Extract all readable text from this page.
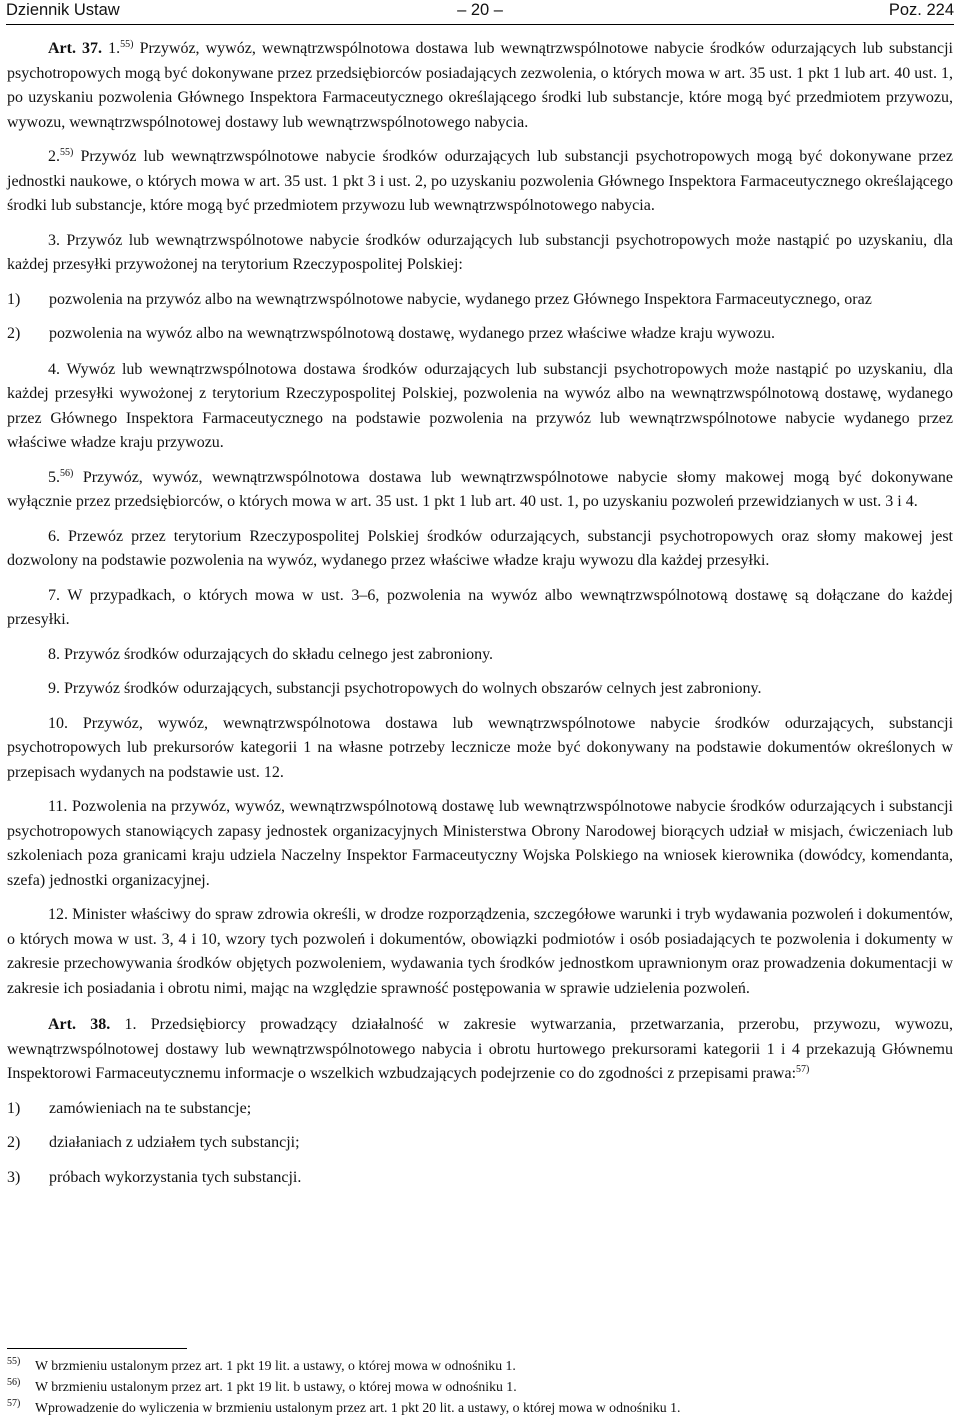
Dziennik Ustaw	– 20 –	Poz. 224

Art. 37. 1.$^{55)}$ Przywóz, wywóz, wewnątrzwspólnotowa dostawa lub wewnątrzwspólnotowe nabycie środków odurzających lub substancji psychotropowych mogą być dokonywane przez przedsiębiorców posiadających zezwolenia, o których mowa w art. 35 ust. 1 pkt 1 lub art. 40 ust. 1, po uzyskaniu pozwolenia Głównego Inspektora Farmaceutycznego określającego środki lub substancje, które mogą być przedmiotem przywozu, wywozu, wewnątrzwspólnotowej dostawy lub wewnątrzwspólnotowego nabycia.

2.$^{55)}$ Przywóz lub wewnątrzwspólnotowe nabycie środków odurzających lub substancji psychotropowych mogą być dokonywane przez jednostki naukowe, o których mowa w art. 35 ust. 1 pkt 3 i ust. 2, po uzyskaniu pozwolenia Głównego Inspektora Farmaceutycznego określającego środki lub substancje, które mogą być przedmiotem przywozu lub wewnątrzwspólnotowego nabycia.

3. Przywóz lub wewnątrzwspólnotowe nabycie środków odurzających lub substancji psychotropowych może nastąpić po uzyskaniu, dla każdej przesyłki przywożonej na terytorium Rzeczypospolitej Polskiej:

1)	pozwolenia na przywóz albo na wewnątrzwspólnotowe nabycie, wydanego przez Głównego Inspektora Farmaceutycznego, oraz
2)	pozwolenia na wywóz albo na wewnątrzwspólnotową dostawę, wydanego przez właściwe władze kraju wywozu.

4. Wywóz lub wewnątrzwspólnotowa dostawa środków odurzających lub substancji psychotropowych może nastąpić po uzyskaniu, dla każdej przesyłki wywożonej z terytorium Rzeczypospolitej Polskiej, pozwolenia na wywóz albo na wewnątrzwspólnotową dostawę, wydanego przez Głównego Inspektora Farmaceutycznego na podstawie pozwolenia na przywóz lub wewnątrzwspólnotowe nabycie wydanego przez właściwe władze kraju przywozu.

5.$^{56)}$ Przywóz, wywóz, wewnątrzwspólnotowa dostawa lub wewnątrzwspólnotowe nabycie słomy makowej mogą być dokonywane wyłącznie przez przedsiębiorców, o których mowa w art. 35 ust. 1 pkt 1 lub art. 40 ust. 1, po uzyskaniu pozwoleń przewidzianych w ust. 3 i 4.

6. Przewóz przez terytorium Rzeczypospolitej Polskiej środków odurzających, substancji psychotropowych oraz słomy makowej jest dozwolony na podstawie pozwolenia na wywóz, wydanego przez właściwe władze kraju wywozu dla każdej przesyłki.

7. W przypadkach, o których mowa w ust. 3–6, pozwolenia na wywóz albo wewnątrzwspólnotową dostawę są dołączane do każdej przesyłki.

8. Przywóz środków odurzających do składu celnego jest zabroniony.

9. Przywóz środków odurzających, substancji psychotropowych do wolnych obszarów celnych jest zabroniony.

10. Przywóz, wywóz, wewnątrzwspólnotowa dostawa lub wewnątrzwspólnotowe nabycie środków odurzających, substancji psychotropowych lub prekursorów kategorii 1 na własne potrzeby lecznicze może być dokonywany na podstawie dokumentów określonych w przepisach wydanych na podstawie ust. 12.

11. Pozwolenia na przywóz, wywóz, wewnątrzwspólnotową dostawę lub wewnątrzwspólnotowe nabycie środków odurzających i substancji psychotropowych stanowiących zapasy jednostek organizacyjnych Ministerstwa Obrony Narodowej biorących udział w misjach, ćwiczeniach lub szkoleniach poza granicami kraju udziela Naczelny Inspektor Farmaceutyczny Wojska Polskiego na wniosek kierownika (dowódcy, komendanta, szefa) jednostki organizacyjnej.

12. Minister właściwy do spraw zdrowia określi, w drodze rozporządzenia, szczegółowe warunki i tryb wydawania pozwoleń i dokumentów, o których mowa w ust. 3, 4 i 10, wzory tych pozwoleń i dokumentów, obowiązki podmiotów i osób posiadających te pozwolenia i dokumenty w zakresie przechowywania środków objętych pozwoleniem, wydawania tych środków jednostkom uprawnionym oraz prowadzenia dokumentacji w zakresie ich posiadania i obrotu nimi, mając na względzie sprawność postępowania w sprawie udzielenia pozwoleń.

Art. 38. 1. Przedsiębiorcy prowadzący działalność w zakresie wytwarzania, przetwarzania, przerobu, przywozu, wywozu, wewnątrzwspólnotowej dostawy lub wewnątrzwspólnotowego nabycia i obrotu hurtowego prekursorami kategorii 1 i 4 przekazują Głównemu Inspektorowi Farmaceutycznemu informacje o wszelkich wzbudzających podejrzenie co do zgodności z przepisami prawa:$^{57)}$

1)	zamówieniach na te substancje;
2)	działaniach z udziałem tych substancji;
3)	próbach wykorzystania tych substancji.
55)	W brzmieniu ustalonym przez art. 1 pkt 19 lit. a ustawy, o której mowa w odnośniku 1.
56)	W brzmieniu ustalonym przez art. 1 pkt 19 lit. b ustawy, o której mowa w odnośniku 1.
57)	Wprowadzenie do wyliczenia w brzmieniu ustalonym przez art. 1 pkt 20 lit. a ustawy, o której mowa w odnośniku 1.
